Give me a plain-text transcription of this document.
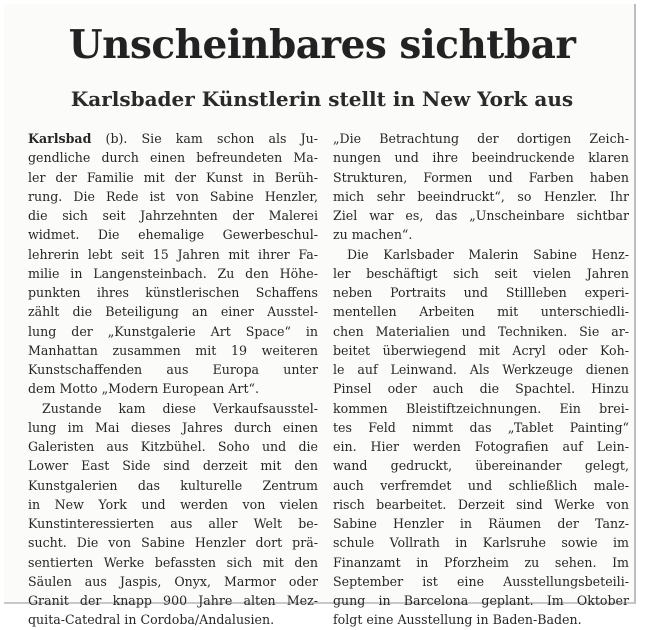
Unscheinbares sichtbar
Karlsbader Künstlerin stellt in New York aus
Karlsbad (b). Sie kam schon als Ju-
gendliche durch einen befreundeten Ma-
ler der Familie mit der Kunst in Berüh-
rung. Die Rede ist von Sabine Henzler,
die sich seit Jahrzehnten der Malerei
widmet. Die ehemalige Gewerbeschul-
lehrerin lebt seit 15 Jahren mit ihrer Fa-
milie in Langensteinbach. Zu den Höhe-
punkten ihres künstlerischen Schaffens
zählt die Beteiligung an einer Ausstel-
lung der „Kunstgalerie Art Space“ in
Manhattan zusammen mit 19 weiteren
Kunstschaffenden aus Europa unter
dem Motto „Modern European Art“.
Zustande kam diese Verkaufsausstel-
lung im Mai dieses Jahres durch einen
Galeristen aus Kitzbühel. Soho und die
Lower East Side sind derzeit mit den
Kunstgalerien das kulturelle Zentrum
in New York und werden von vielen
Kunstinteressierten aus aller Welt be-
sucht. Die von Sabine Henzler dort prä-
sentierten Werke befassten sich mit den
Säulen aus Jaspis, Onyx, Marmor oder
Granit der knapp 900 Jahre alten Mez-
quita-Catedral in Cordoba/Andalusien.
„Die Betrachtung der dortigen Zeich-
nungen und ihre beeindruckende klaren
Strukturen, Formen und Farben haben
mich sehr beeindruckt“, so Henzler. Ihr
Ziel war es, das „Unscheinbare sichtbar
zu machen“.
Die Karlsbader Malerin Sabine Henz-
ler beschäftigt sich seit vielen Jahren
neben Portraits und Stillleben experi-
mentellen Arbeiten mit unterschiedli-
chen Materialien und Techniken. Sie ar-
beitet überwiegend mit Acryl oder Koh-
le auf Leinwand. Als Werkzeuge dienen
Pinsel oder auch die Spachtel. Hinzu
kommen Bleistiftzeichnungen. Ein brei-
tes Feld nimmt das „Tablet Painting“
ein. Hier werden Fotografien auf Lein-
wand gedruckt, übereinander gelegt,
auch verfremdet und schließlich male-
risch bearbeitet. Derzeit sind Werke von
Sabine Henzler in Räumen der Tanz-
schule Vollrath in Karlsruhe sowie im
Finanzamt in Pforzheim zu sehen. Im
September ist eine Ausstellungsbeteili-
gung in Barcelona geplant. Im Oktober
folgt eine Ausstellung in Baden-Baden.
